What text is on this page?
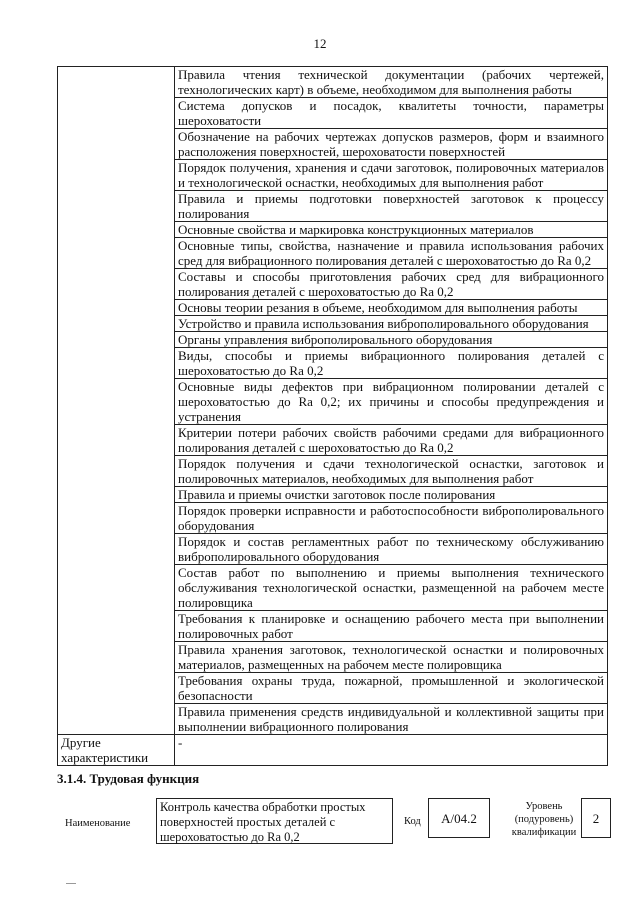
12
	Правила чтения технической документации (рабочих чертежей, технологических карт) в объеме, необходимом для выполнения работы
	Система допусков и посадок, квалитеты точности, параметры шероховатости
	Обозначение на рабочих чертежах допусков размеров, форм и взаимного расположения поверхностей, шероховатости поверхностей
	Порядок получения, хранения и сдачи заготовок, полировочных материалов и технологической оснастки, необходимых для выполнения работ
	Правила и приемы подготовки поверхностей заготовок к процессу полирования
	Основные свойства и маркировка конструкционных материалов
	Основные типы, свойства, назначение и правила использования рабочих сред для вибрационного полирования деталей с шероховатостью до Ra 0,2
	Составы и способы приготовления рабочих сред для вибрационного полирования деталей с шероховатостью до Ra 0,2
	Основы теории резания в объеме, необходимом для выполнения работы
	Устройство и правила использования виброполировального оборудования
	Органы управления виброполировального оборудования
	Виды, способы и приемы вибрационного полирования деталей с шероховатостью до Ra 0,2
	Основные виды дефектов при вибрационном полировании деталей с шероховатостью до Ra 0,2; их причины и способы предупреждения и устранения
	Критерии потери рабочих свойств рабочими средами для вибрационного полирования деталей с шероховатостью до Ra 0,2
	Порядок получения и сдачи технологической оснастки, заготовок и полировочных материалов, необходимых для выполнения работ
	Правила и приемы очистки заготовок после полирования
	Порядок проверки исправности и работоспособности виброполировального оборудования
	Порядок и состав регламентных работ по техническому обслуживанию виброполировального оборудования
	Состав работ по выполнению и приемы выполнения технического обслуживания технологической оснастки, размещенной на рабочем месте полировщика
	Требования к планировке и оснащению рабочего места при выполнении полировочных работ
	Правила хранения заготовок, технологической оснастки и полировочных материалов, размещенных на рабочем месте полировщика
	Требования охраны труда, пожарной, промышленной и экологической безопасности
	Правила применения средств индивидуальной и коллективной защиты при выполнении вибрационного полирования
Другие характеристики	-
3.1.4. Трудовая функция
Наименование
Контроль качества обработки простых поверхностей простых деталей с шероховатостью до Ra 0,2
Код	А/04.2
Уровень (подуровень) квалификации
2
